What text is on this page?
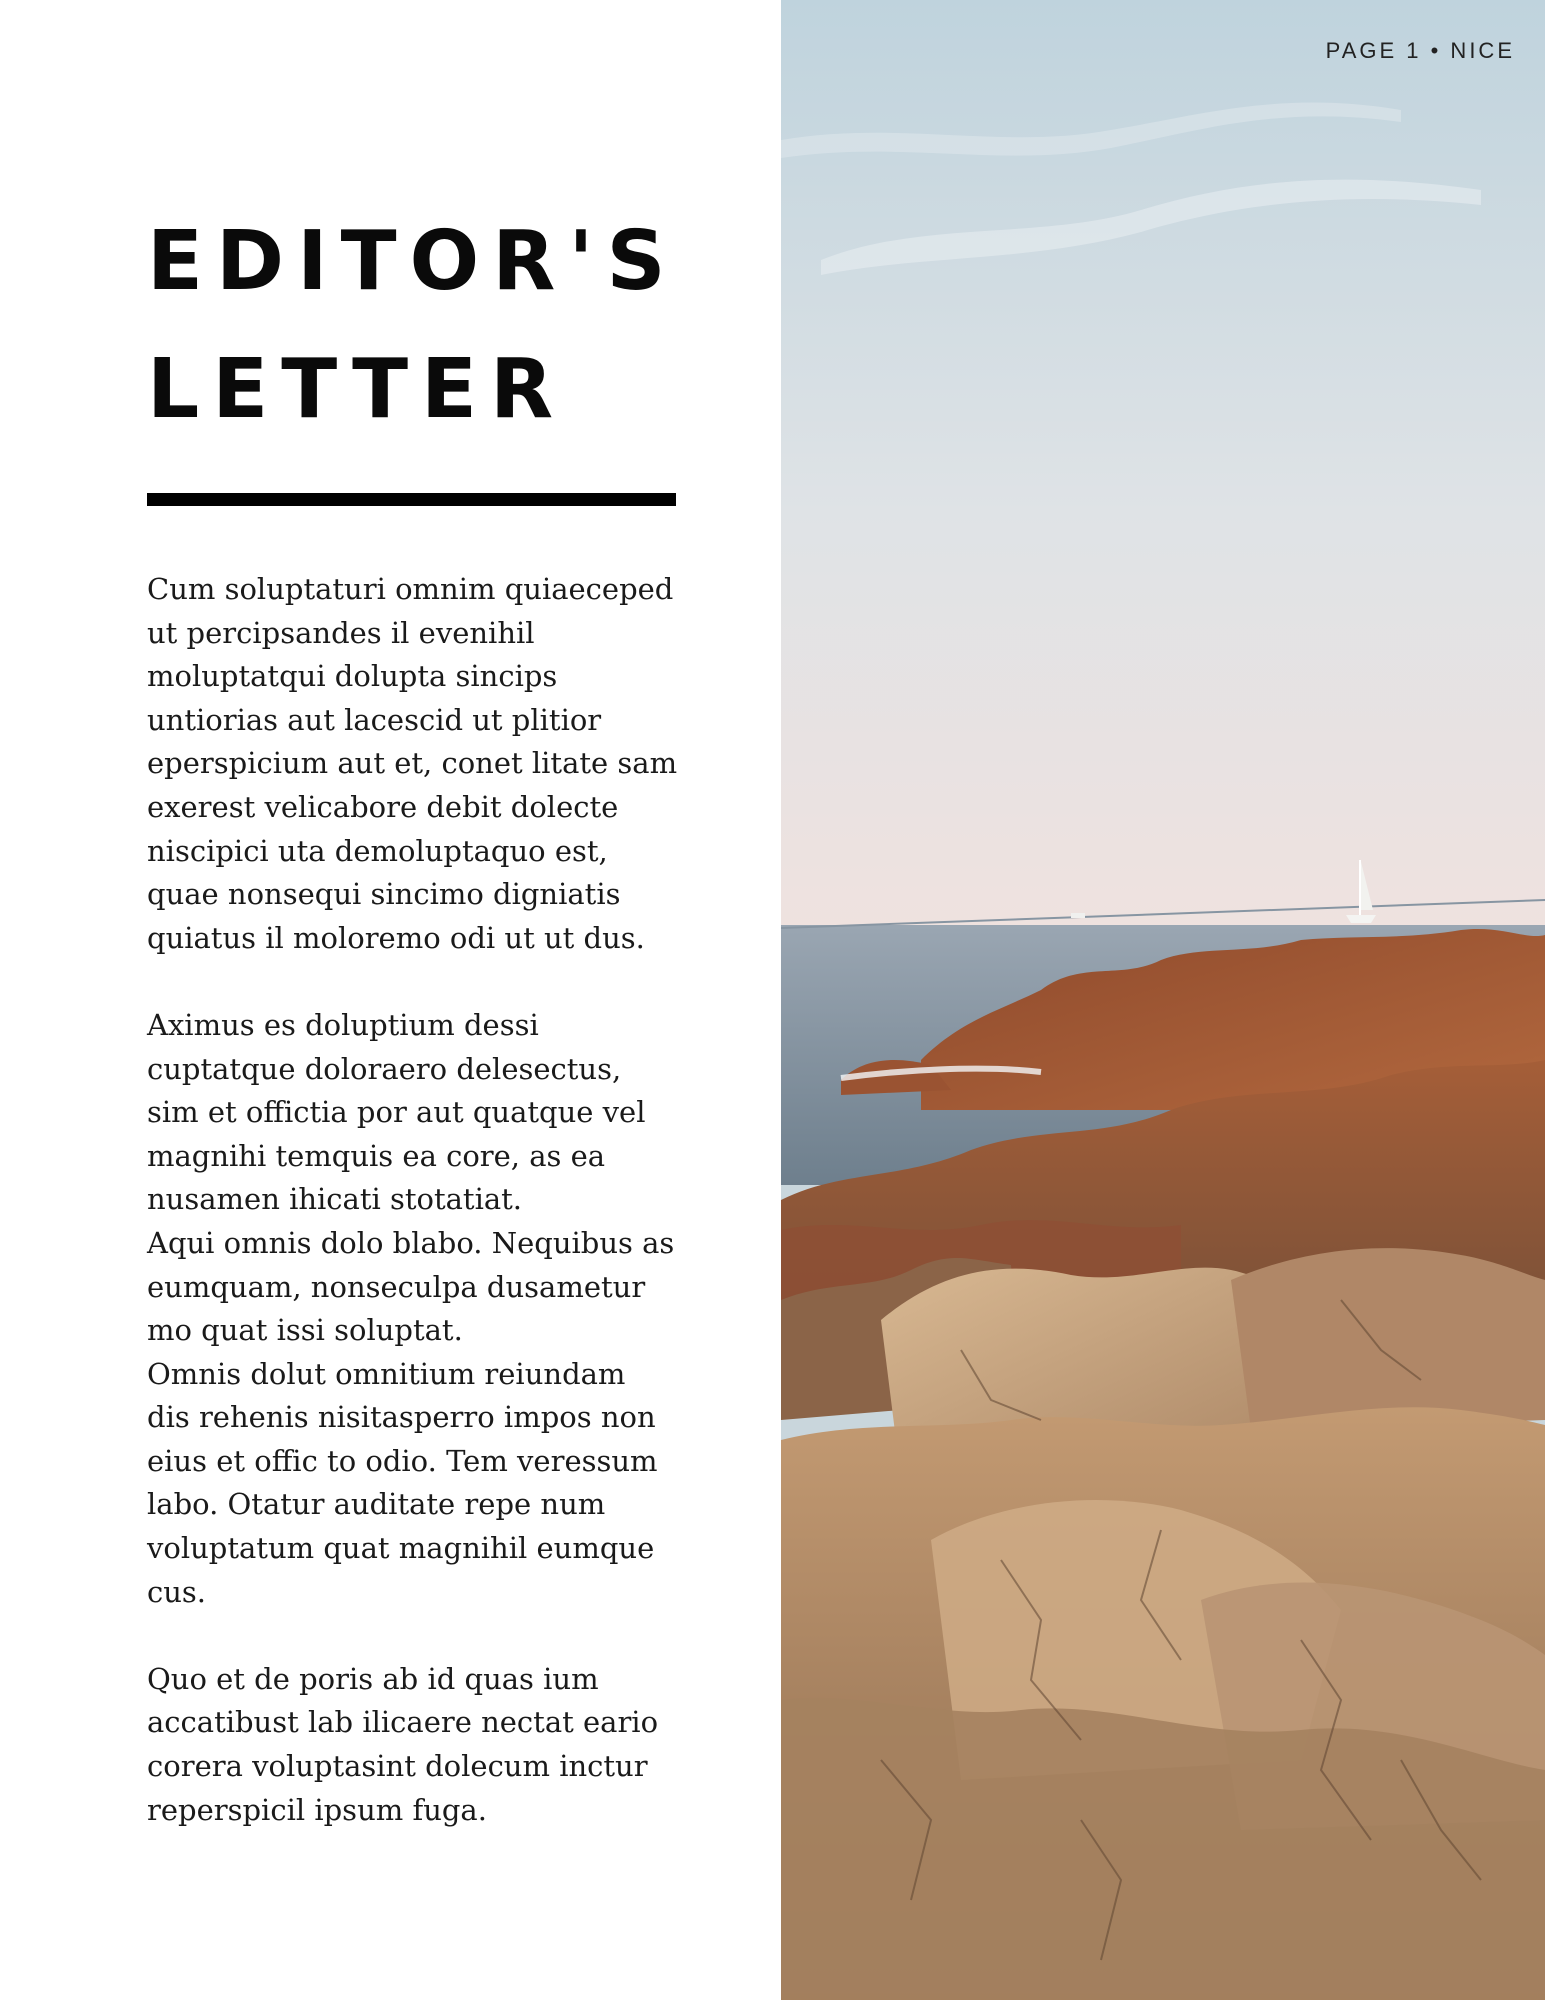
EDITOR'S
LETTER

Cum soluptaturi omnim quiaeceped
ut percipsandes il evenihil
moluptatqui dolupta sincips
untiorias aut lacescid ut plitior
eperspicium aut et, conet litate sam
exerest velicabore debit dolecte
niscipici uta demoluptaquo est,
quae nonsequi sincimo digniatis
quiatus il moloremo odi ut ut dus.

Aximus es doluptium dessi
cuptatque doloraero delesectus,
sim et offictia por aut quatque vel
magnihi temquis ea core, as ea
nusamen ihicati stotatiat.
Aqui omnis dolo blabo. Nequibus as
eumquam, nonseculpa dusametur
mo quat issi soluptat.
Omnis dolut omnitium reiundam
dis rehenis nisitasperro impos non
eius et offic to odio. Tem veressum
labo. Otatur auditate repe num
voluptatum quat magnihil eumque
cus.

Quo et de poris ab id quas ium
accatibust lab ilicaere nectat eario
corera voluptasint dolecum inctur
reperspicil ipsum fuga.

PAGE 1 • NICE
